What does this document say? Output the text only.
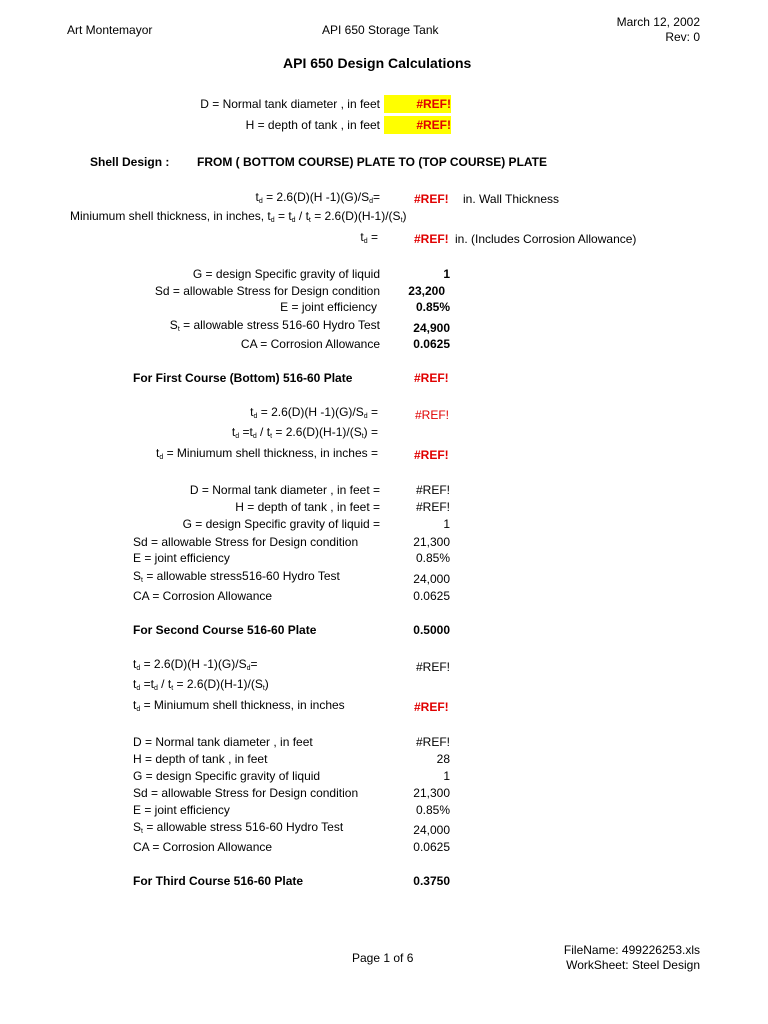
Art Montemayor	API 650 Storage Tank
March 12, 2002
Rev: 0
API 650 Design Calculations
D = Normal tank diameter , in feet	#REF!
H = depth of tank , in feet	#REF!
Shell Design : FROM ( BOTTOM COURSE) PLATE TO (TOP COURSE) PLATE
$t_d = 2.6(D)(H$ $-1)(G)/S_d=$	#REF! in. Wall Thickness
Miniumum shell thickness, in inches, $t_d = t_d / t_t = 2.6(D)(H-1)/(S_t)$
$t_d$ =	#REF! in. (Includes Corrosion Allowance)
G = design Specific gravity of liquid	1
Sd = allowable Stress for Design condition 23,200
E = joint efficiency	0.85%
$S_t$ = allowable stress 516-60 Hydro Test	24,900
CA = Corrosion Allowance	0.0625
For First Course (Bottom) 516-60 Plate	#REF!
$t_d = 2.6(D)(H$ $-1)(G)/S_d$ =	#REF!
$t_d =t_d / t_t = 2.6(D)(H-1)/(S_t)$ =
$t_d$ = Miniumum shell thickness, in inches =	#REF!
D = Normal tank diameter , in feet =	#REF!
H = depth of tank , in feet =	#REF!
G = design Specific gravity of liquid =	1
Sd = allowable Stress for Design condition	21,300
E = joint efficiency	0.85%
$S_t$ = allowable stress516-60 Hydro Test	24,000
CA = Corrosion Allowance	0.0625
For Second Course 516-60 Plate	0.5000
$t_d = 2.6(D)(H$ $-1)(G)/S_d=$	#REF!
$t_d =t_d / t_t = 2.6(D)(H-1)/(S_t)$
$t_d$ = Miniumum shell thickness, in inches	#REF!
D = Normal tank diameter , in feet	#REF!
H = depth of tank , in feet	28
G = design Specific gravity of liquid	1
Sd = allowable Stress for Design condition	21,300
E = joint efficiency	0.85%
$S_t$ = allowable stress 516-60 Hydro Test	24,000
CA = Corrosion Allowance	0.0625
For Third Course 516-60 Plate	0.3750
Page 1 of 6
FileName: 499226253.xls
WorkSheet: Steel Design
